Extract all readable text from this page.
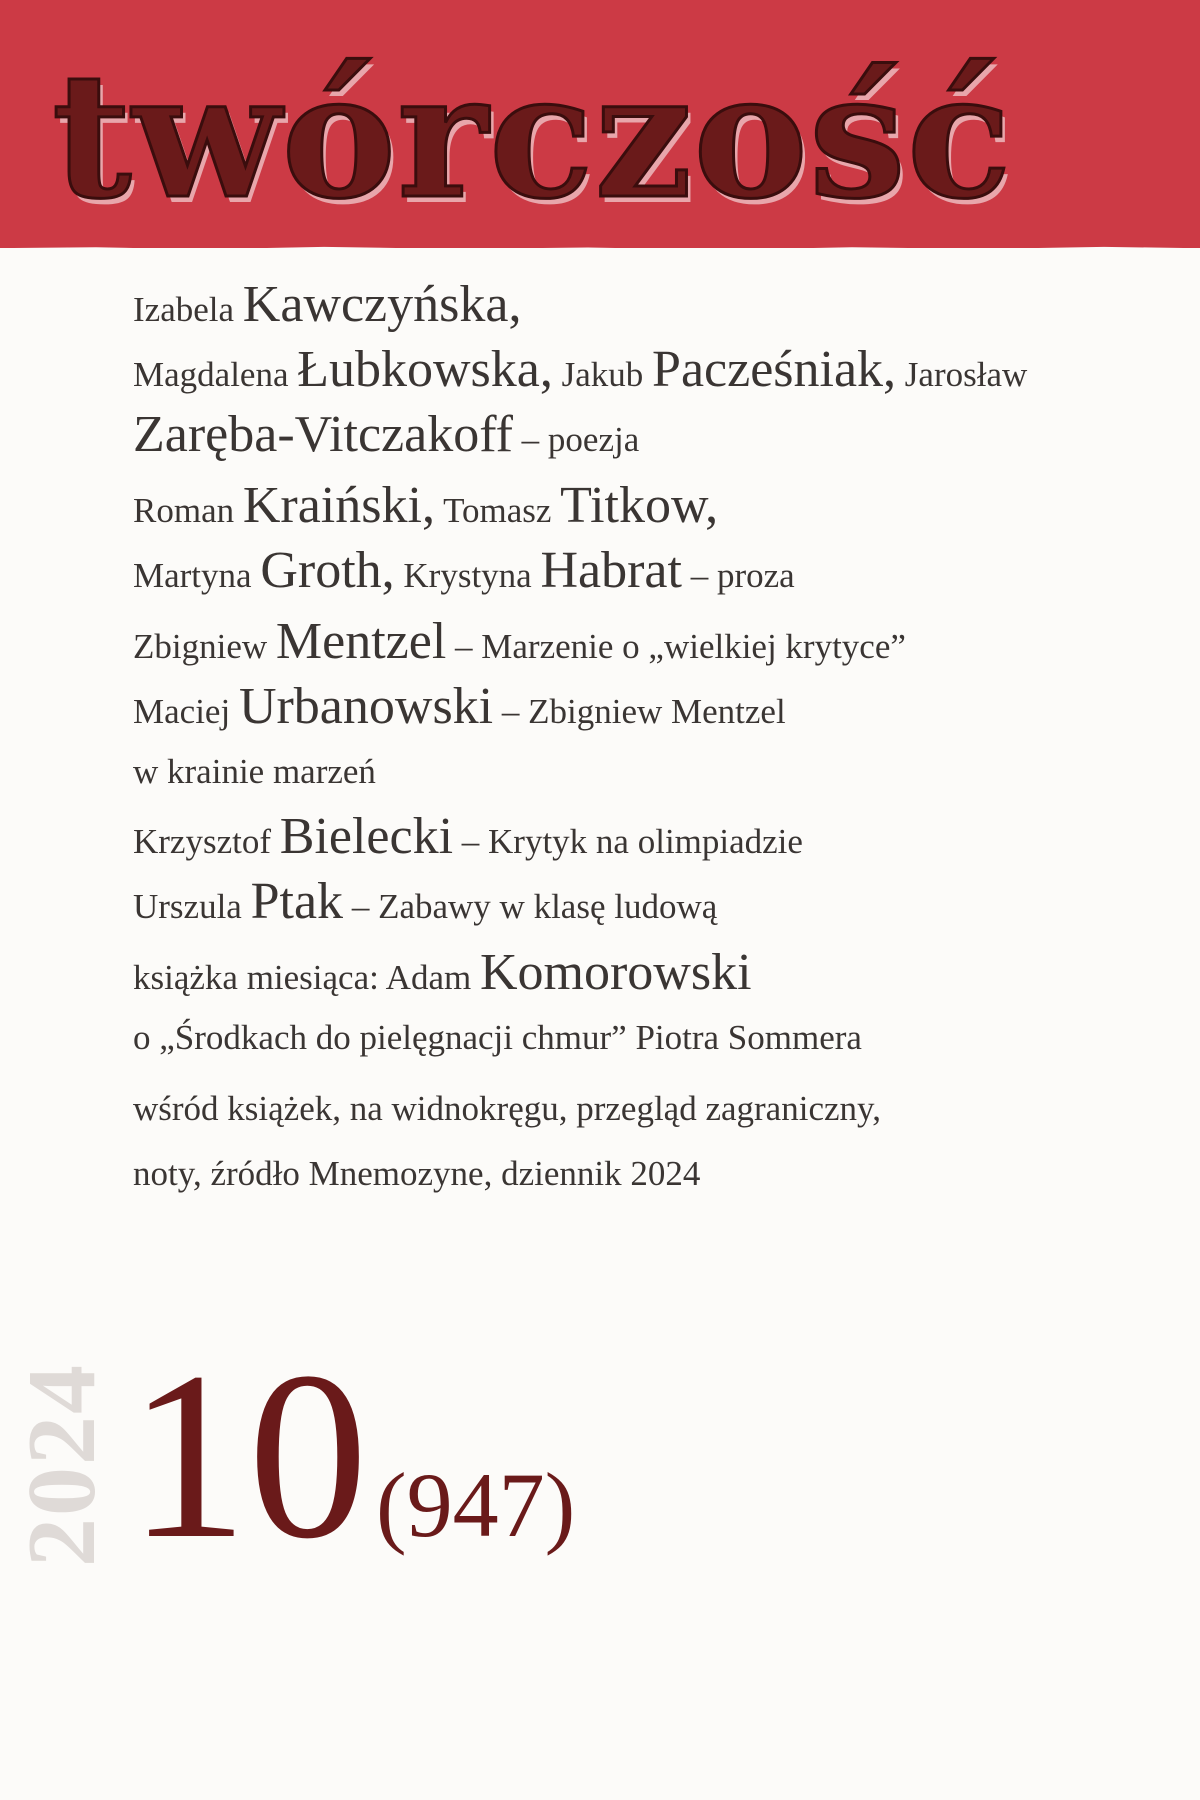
twórczość
Izabela Kawczyńska,
Magdalena Łubkowska, Jakub Pacześniak, Jarosław
Zaręba-Vitczakoff – poezja
Roman Kraiński, Tomasz Titkow,
Martyna Groth, Krystyna Habrat – proza
Zbigniew Mentzel – Marzenie o „wielkiej krytyce”
Maciej Urbanowski – Zbigniew Mentzel
w krainie marzeń
Krzysztof Bielecki – Krytyk na olimpiadzie
Urszula Ptak – Zabawy w klasę ludową
książka miesiąca: Adam Komorowski
o „Środkach do pielęgnacji chmur” Piotra Sommera
wśród książek, na widnokręgu, przegląd zagraniczny,
noty, źródło Mnemozyne, dziennik 2024
2024 10(947)
